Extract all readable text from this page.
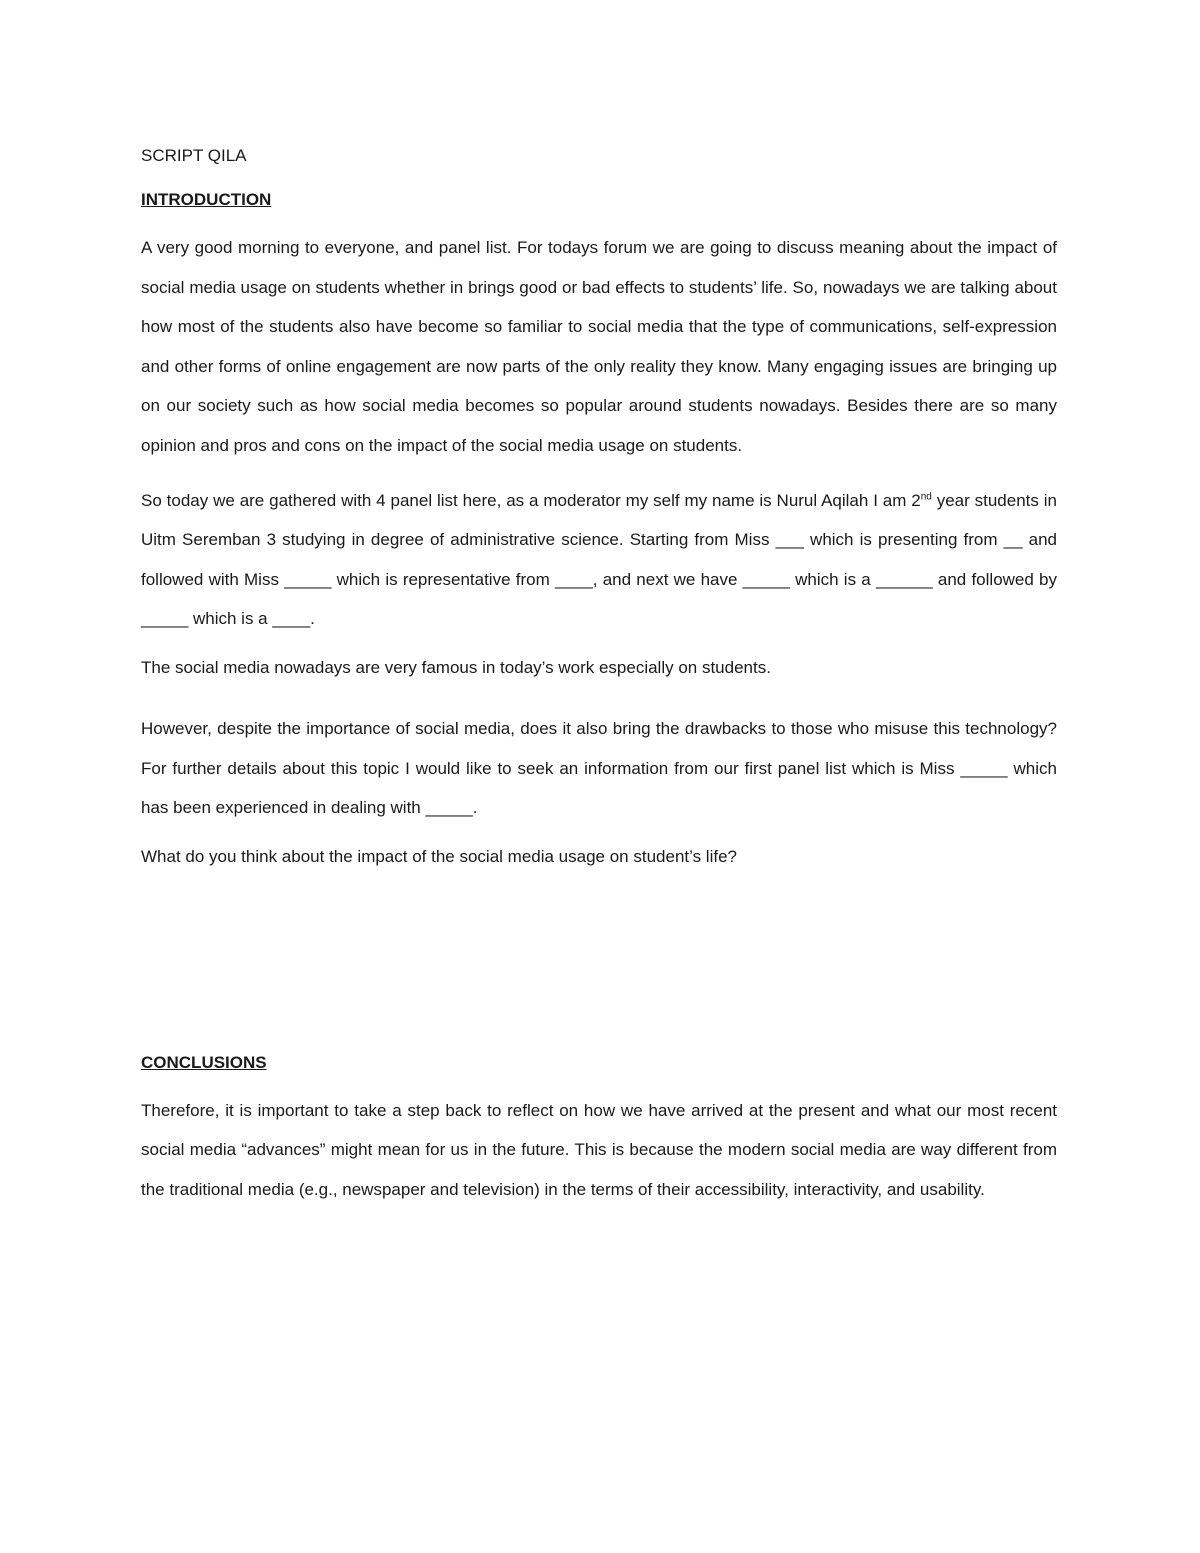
SCRIPT QILA

INTRODUCTION

A very good morning to everyone, and panel list. For todays forum we are going to discuss meaning about the impact of social media usage on students whether in brings good or bad effects to students’ life. So, nowadays we are talking about how most of the students also have become so familiar to social media that the type of communications, self-expression and other forms of online engagement are now parts of the only reality they know. Many engaging issues are bringing up on our society such as how social media becomes so popular around students nowadays. Besides there are so many opinion and pros and cons on the impact of the social media usage on students.

So today we are gathered with 4 panel list here, as a moderator my self my name is Nurul Aqilah I am 2nd year students in Uitm Seremban 3 studying in degree of administrative science. Starting from Miss ___ which is presenting from __ and followed with Miss _____ which is representative from ____, and next we have _____ which is a ______ and followed by _____ which is a ____.

The social media nowadays are very famous in today’s work especially on students.

However, despite the importance of social media, does it also bring the drawbacks to those who misuse this technology? For further details about this topic I would like to seek an information from our first panel list which is Miss _____ which has been experienced in dealing with _____.

What do you think about the impact of the social media usage on student’s life?

CONCLUSIONS

Therefore, it is important to take a step back to reflect on how we have arrived at the present and what our most recent social media “advances” might mean for us in the future. This is because the modern social media are way different from the traditional media (e.g., newspaper and television) in the terms of their accessibility, interactivity, and usability.
